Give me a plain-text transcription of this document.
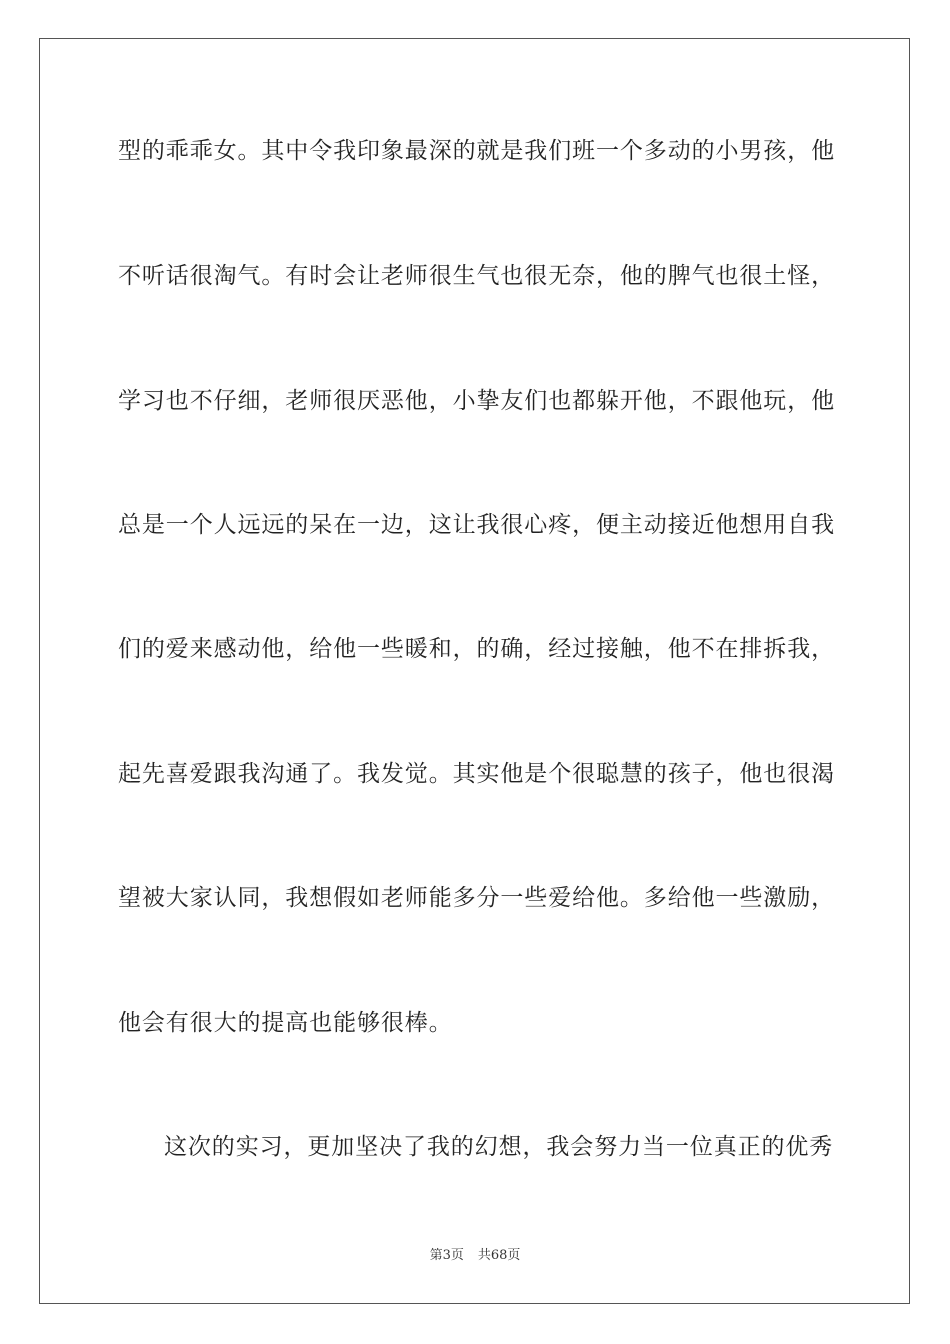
型的乖乖女。其中令我印象最深的就是我们班一个多动的小男孩，他
不听话很淘气。有时会让老师很生气也很无奈，他的脾气也很土怪，
学习也不仔细，老师很厌恶他，小挚友们也都躲开他，不跟他玩，他
总是一个人远远的呆在一边，这让我很心疼，便主动接近他想用自我
们的爱来感动他，给他一些暖和，的确，经过接触，他不在排拆我，
起先喜爱跟我沟通了。我发觉。其实他是个很聪慧的孩子，他也很渴
望被大家认同，我想假如老师能多分一些爱给他。多给他一些激励，
他会有很大的提高也能够很棒。
这次的实习，更加坚决了我的幻想，我会努力当一位真正的优秀
第3页 共68页
